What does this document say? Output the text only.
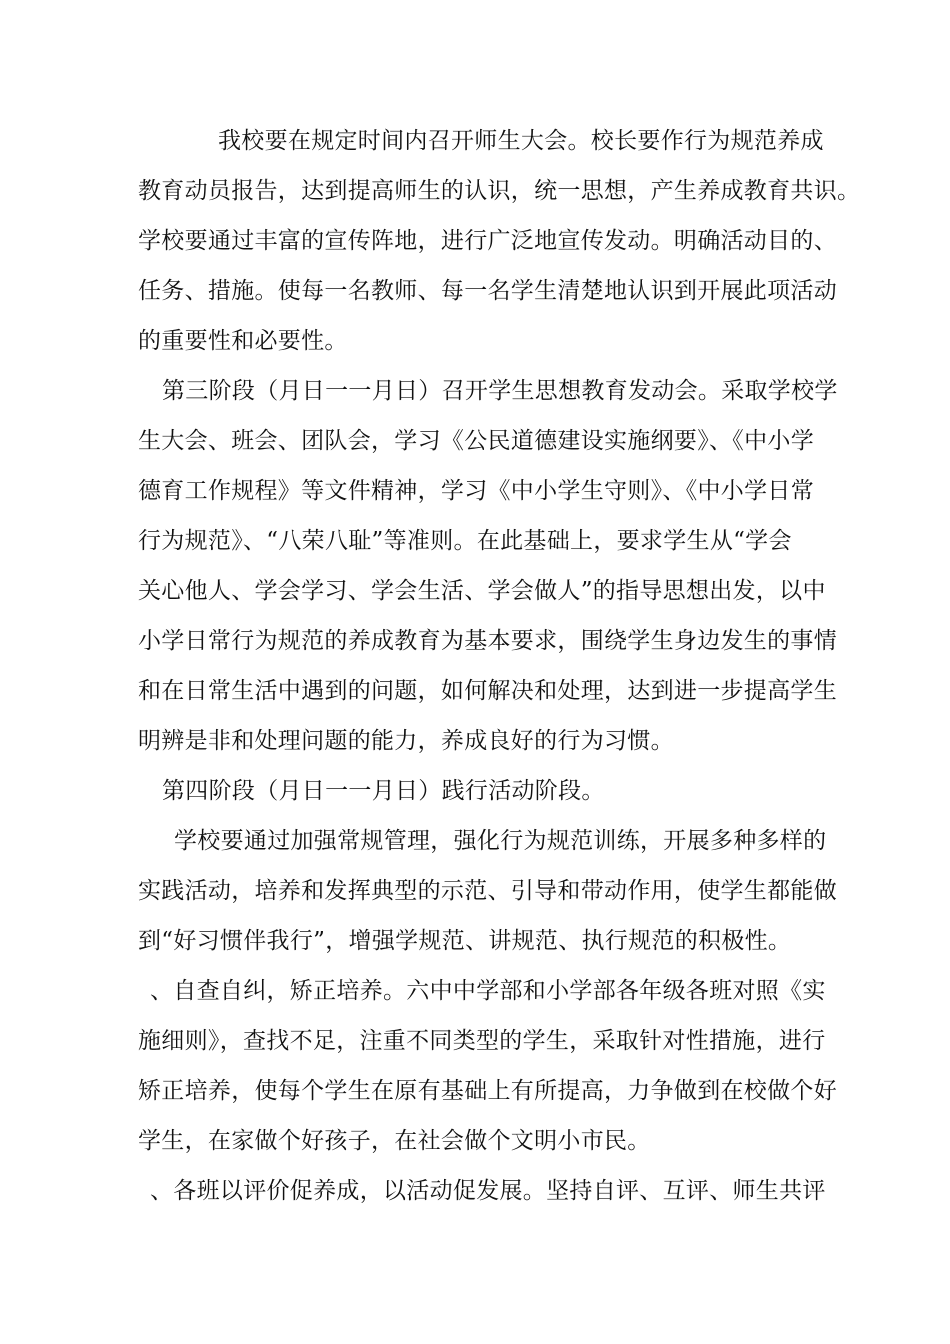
我校要在规定时间内召开师生大会。校长要作行为规范养成
教育动员报告，达到提高师生的认识，统一思想，产生养成教育共识。
学校要通过丰富的宣传阵地，进行广泛地宣传发动。明确活动目的、
任务、措施。使每一名教师、每一名学生清楚地认识到开展此项活动
的重要性和必要性。
第三阶段（月日一一月日）召开学生思想教育发动会。采取学校学
生大会、班会、团队会，学习《公民道德建设实施纲要》、《中小学
德育工作规程》等文件精神，学习《中小学生守则》、《中小学日常
行为规范》、“八荣八耻”等准则。在此基础上，要求学生从“学会
关心他人、学会学习、学会生活、学会做人”的指导思想出发，以中
小学日常行为规范的养成教育为基本要求，围绕学生身边发生的事情
和在日常生活中遇到的问题，如何解决和处理，达到进一步提高学生
明辨是非和处理问题的能力，养成良好的行为习惯。
第四阶段（月日一一月日）践行活动阶段。
学校要通过加强常规管理，强化行为规范训练，开展多种多样的
实践活动，培养和发挥典型的示范、引导和带动作用，使学生都能做
到“好习惯伴我行”，增强学规范、讲规范、执行规范的积极性。
、自查自纠，矫正培养。六中中学部和小学部各年级各班对照《实
施细则》，查找不足，注重不同类型的学生，采取针对性措施，进行
矫正培养，使每个学生在原有基础上有所提高，力争做到在校做个好
学生，在家做个好孩子，在社会做个文明小市民。
、各班以评价促养成，以活动促发展。坚持自评、互评、师生共评
